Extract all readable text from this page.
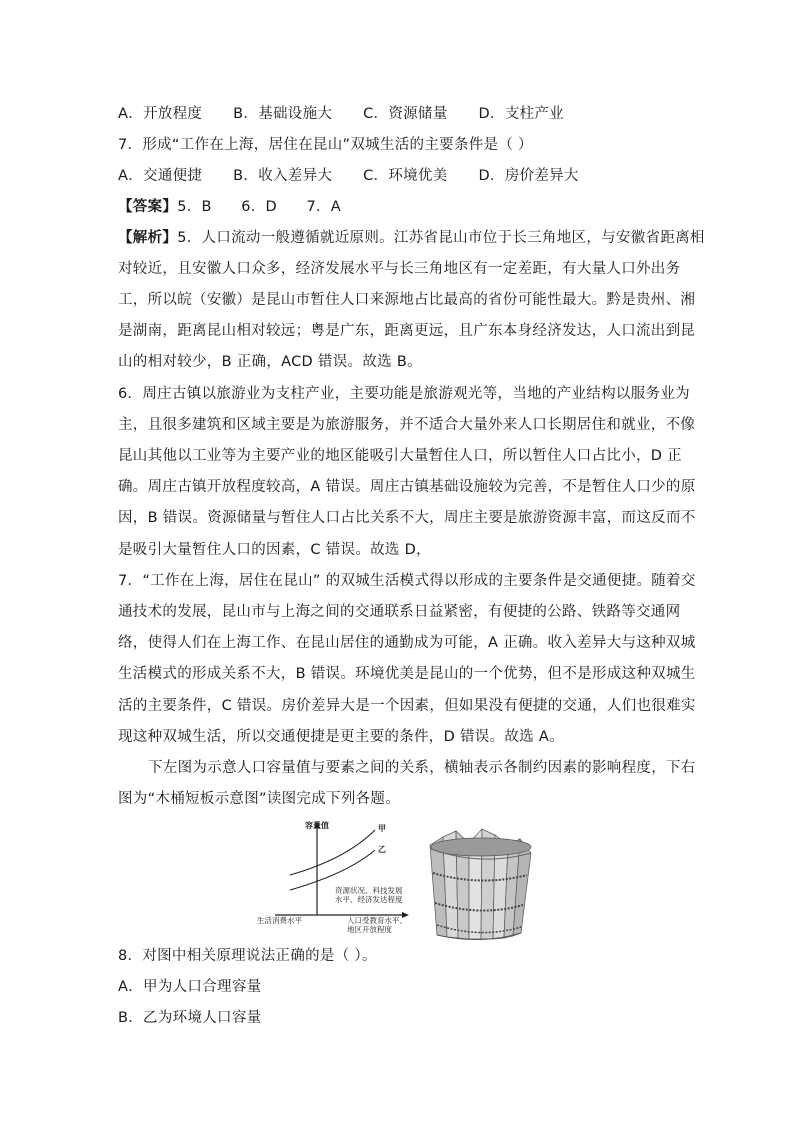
A．开放程度 B．基础设施大 C．资源储量 D．支柱产业
7．形成“工作在上海，居住在昆山”双城生活的主要条件是（ ）
A．交通便捷 B．收入差异大 C．环境优美 D．房价差异大
【答案】5．B      6．D      7．A
【解析】5．人口流动一般遵循就近原则。江苏省昆山市位于长三角地区，与安徽省距离相
对较近，且安徽人口众多，经济发展水平与长三角地区有一定差距，有大量人口外出务
工，所以皖（安徽）是昆山市暂住人口来源地占比最高的省份可能性最大。黔是贵州、湘
是湖南，距离昆山相对较远；粤是广东，距离更远，且广东本身经济发达，人口流出到昆
山的相对较少，B 正确，ACD 错误。故选 B。
6．周庄古镇以旅游业为支柱产业，主要功能是旅游观光等，当地的产业结构以服务业为
主，且很多建筑和区域主要是为旅游服务，并不适合大量外来人口长期居住和就业，不像
昆山其他以工业等为主要产业的地区能吸引大量暂住人口，所以暂住人口占比小，D 正
确。周庄古镇开放程度较高，A 错误。周庄古镇基础设施较为完善，不是暂住人口少的原
因，B 错误。资源储量与暂住人口占比关系不大，周庄主要是旅游资源丰富，而这反而不
是吸引大量暂住人口的因素，C 错误。故选 D，
7．“工作在上海，居住在昆山” 的双城生活模式得以形成的主要条件是交通便捷。随着交
通技术的发展，昆山市与上海之间的交通联系日益紧密，有便捷的公路、铁路等交通网
络，使得人们在上海工作、在昆山居住的通勤成为可能，A 正确。收入差异大与这种双城
生活模式的形成关系不大，B 错误。环境优美是昆山的一个优势，但不是形成这种双城生
活的主要条件，C 错误。房价差异大是一个因素，但如果没有便捷的交通，人们也很难实
现这种双城生活，所以交通便捷是更主要的条件，D 错误。故选 A。
下左图为示意人口容量值与要素之间的关系，横轴表示各制约因素的影响程度，下右
图为“木桶短板示意图”读图完成下列各题。
容量值	甲
乙
资源状况、科技发展
水平、经济发达程度
生活消费水平	人口受教育水平、
地区开放程度
8．对图中相关原理说法正确的是（ ）。
A．甲为人口合理容量
B．乙为环境人口容量
